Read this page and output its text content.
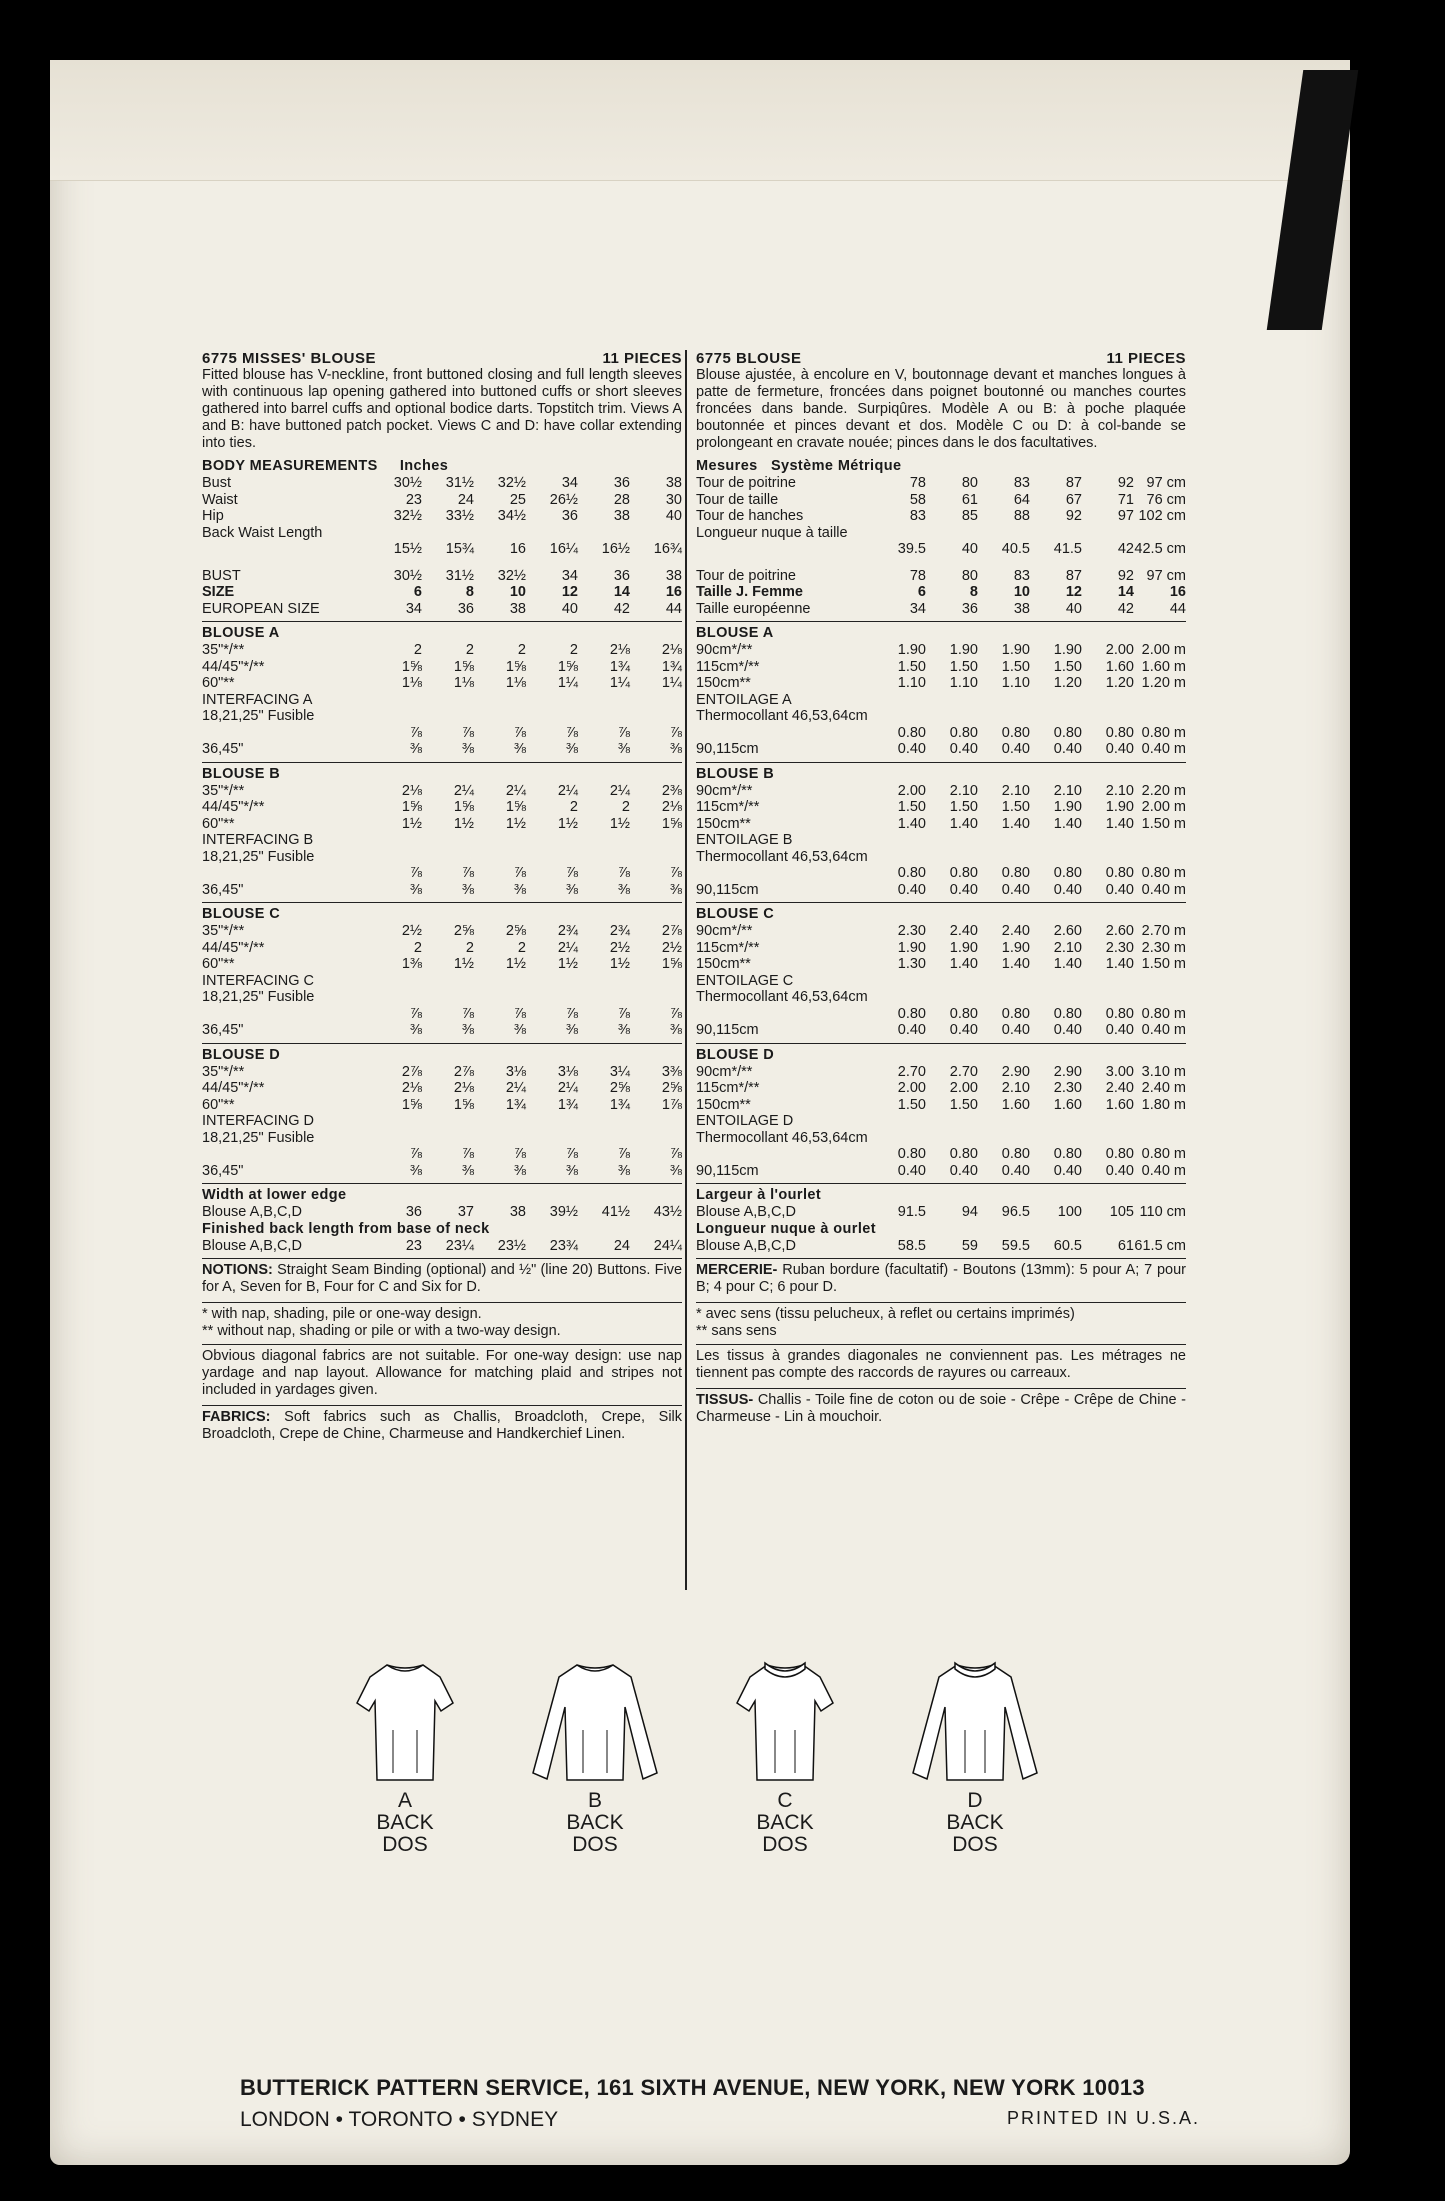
6775 MISSES' BLOUSE	11 PIECES

Fitted blouse has V-neckline, front buttoned closing and full length sleeves with continuous lap opening gathered into buttoned cuffs or short sleeves gathered into barrel cuffs and optional bodice darts. Topstitch trim. Views A and B: have buttoned patch pocket. Views C and D: have collar extending into ties.

BODY MEASUREMENTS Inches
Bust	30½	31½	32½	34	36	38
Waist	23	24	25	26½	28	30
Hip	32½	33½	34½	36	38	40
Back Waist Length						
	15½	15¾	16	16¼	16½	16¾

BUST	30½	31½	32½	34	36	38
SIZE	6	8	10	12	14	16
EUROPEAN SIZE	34	36	38	40	42	44
BLOUSE A
35"*/**	2	2	2	2	2⅛	2⅛
44/45"*/**	1⅝	1⅝	1⅝	1⅝	1¾	1¾
60"**	1⅛	1⅛	1⅛	1¼	1¼	1¼
INTERFACING A						
18,21,25" Fusible						
	⅞	⅞	⅞	⅞	⅞	⅞
36,45"	⅜	⅜	⅜	⅜	⅜	⅜
BLOUSE B
35"*/**	2⅛	2¼	2¼	2¼	2¼	2⅜
44/45"*/**	1⅝	1⅝	1⅝	2	2	2⅛
60"**	1½	1½	1½	1½	1½	1⅝
INTERFACING B						
18,21,25" Fusible						
	⅞	⅞	⅞	⅞	⅞	⅞
36,45"	⅜	⅜	⅜	⅜	⅜	⅜
BLOUSE C
35"*/**	2½	2⅝	2⅝	2¾	2¾	2⅞
44/45"*/**	2	2	2	2¼	2½	2½
60"**	1⅜	1½	1½	1½	1½	1⅝
INTERFACING C						
18,21,25" Fusible						
	⅞	⅞	⅞	⅞	⅞	⅞
36,45"	⅜	⅜	⅜	⅜	⅜	⅜
BLOUSE D
35"*/**	2⅞	2⅞	3⅛	3⅛	3¼	3⅜
44/45"*/**	2⅛	2⅛	2¼	2¼	2⅝	2⅝
60"**	1⅝	1⅝	1¾	1¾	1¾	1⅞
INTERFACING D						
18,21,25" Fusible						
	⅞	⅞	⅞	⅞	⅞	⅞
36,45"	⅜	⅜	⅜	⅜	⅜	⅜
Width at lower edge
Blouse A,B,C,D	36	37	38	39½	41½	43½
Finished back length from base of neck
Blouse A,B,C,D	23	23¼	23½	23¾	24	24¼

NOTIONS: Straight Seam Binding (optional) and ½" (line 20) Buttons. Five for A, Seven for B, Four for C and Six for D.

* with nap, shading, pile or one-way design.
** without nap, shading or pile or with a two-way design.

Obvious diagonal fabrics are not suitable. For one-way design: use nap yardage and nap layout. Allowance for matching plaid and stripes not included in yardages given.

FABRICS: Soft fabrics such as Challis, Broadcloth, Crepe, Silk Broadcloth, Crepe de Chine, Charmeuse and Handkerchief Linen.

6775 BLOUSE	11 PIECES

Blouse ajustée, à encolure en V, boutonnage devant et manches longues à patte de fermeture, froncées dans poignet boutonné ou manches courtes froncées dans bande. Surpiqûres. Modèle A ou B: à poche plaquée boutonnée et pinces devant et dos. Modèle C ou D: à col-bande se prolongeant en cravate nouée; pinces dans le dos facultatives.

Mesures Système Métrique
Tour de poitrine	78	80	83	87	92	97 cm
Tour de taille	58	61	64	67	71	76 cm
Tour de hanches	83	85	88	92	97	102 cm
Longueur nuque à taille						
	39.5	40	40.5	41.5	42	42.5 cm

Tour de poitrine	78	80	83	87	92	97 cm
Taille J. Femme	6	8	10	12	14	16
Taille européenne	34	36	38	40	42	44
BLOUSE A
90cm*/**	1.90	1.90	1.90	1.90	2.00	2.00 m
115cm*/**	1.50	1.50	1.50	1.50	1.60	1.60 m
150cm**	1.10	1.10	1.10	1.20	1.20	1.20 m
ENTOILAGE A						
Thermocollant 46,53,64cm						
	0.80	0.80	0.80	0.80	0.80	0.80 m
90,115cm	0.40	0.40	0.40	0.40	0.40	0.40 m
BLOUSE B
90cm*/**	2.00	2.10	2.10	2.10	2.10	2.20 m
115cm*/**	1.50	1.50	1.50	1.90	1.90	2.00 m
150cm**	1.40	1.40	1.40	1.40	1.40	1.50 m
ENTOILAGE B						
Thermocollant 46,53,64cm						
	0.80	0.80	0.80	0.80	0.80	0.80 m
90,115cm	0.40	0.40	0.40	0.40	0.40	0.40 m
BLOUSE C
90cm*/**	2.30	2.40	2.40	2.60	2.60	2.70 m
115cm*/**	1.90	1.90	1.90	2.10	2.30	2.30 m
150cm**	1.30	1.40	1.40	1.40	1.40	1.50 m
ENTOILAGE C						
Thermocollant 46,53,64cm						
	0.80	0.80	0.80	0.80	0.80	0.80 m
90,115cm	0.40	0.40	0.40	0.40	0.40	0.40 m
BLOUSE D
90cm*/**	2.70	2.70	2.90	2.90	3.00	3.10 m
115cm*/**	2.00	2.00	2.10	2.30	2.40	2.40 m
150cm**	1.50	1.50	1.60	1.60	1.60	1.80 m
ENTOILAGE D						
Thermocollant 46,53,64cm						
	0.80	0.80	0.80	0.80	0.80	0.80 m
90,115cm	0.40	0.40	0.40	0.40	0.40	0.40 m
Largeur à l'ourlet
Blouse A,B,C,D	91.5	94	96.5	100	105	110 cm
Longueur nuque à ourlet
Blouse A,B,C,D	58.5	59	59.5	60.5	61	61.5 cm

MERCERIE- Ruban bordure (facultatif) - Boutons (13mm): 5 pour A; 7 pour B; 4 pour C; 6 pour D.

* avec sens (tissu pelucheux, à reflet ou certains imprimés)
** sans sens

Les tissus à grandes diagonales ne conviennent pas. Les métrages ne tiennent pas compte des raccords de rayures ou carreaux.

TISSUS- Challis - Toile fine de coton ou de soie - Crêpe - Crêpe de Chine - Charmeuse - Lin à mouchoir.

A
BACK
DOS
B
BACK
DOS
C
BACK
DOS
D
BACK
DOS
BUTTERICK PATTERN SERVICE, 161 SIXTH AVENUE, NEW YORK, NEW YORK 10013
LONDON • TORONTO • SYDNEY	PRINTED IN U.S.A.
